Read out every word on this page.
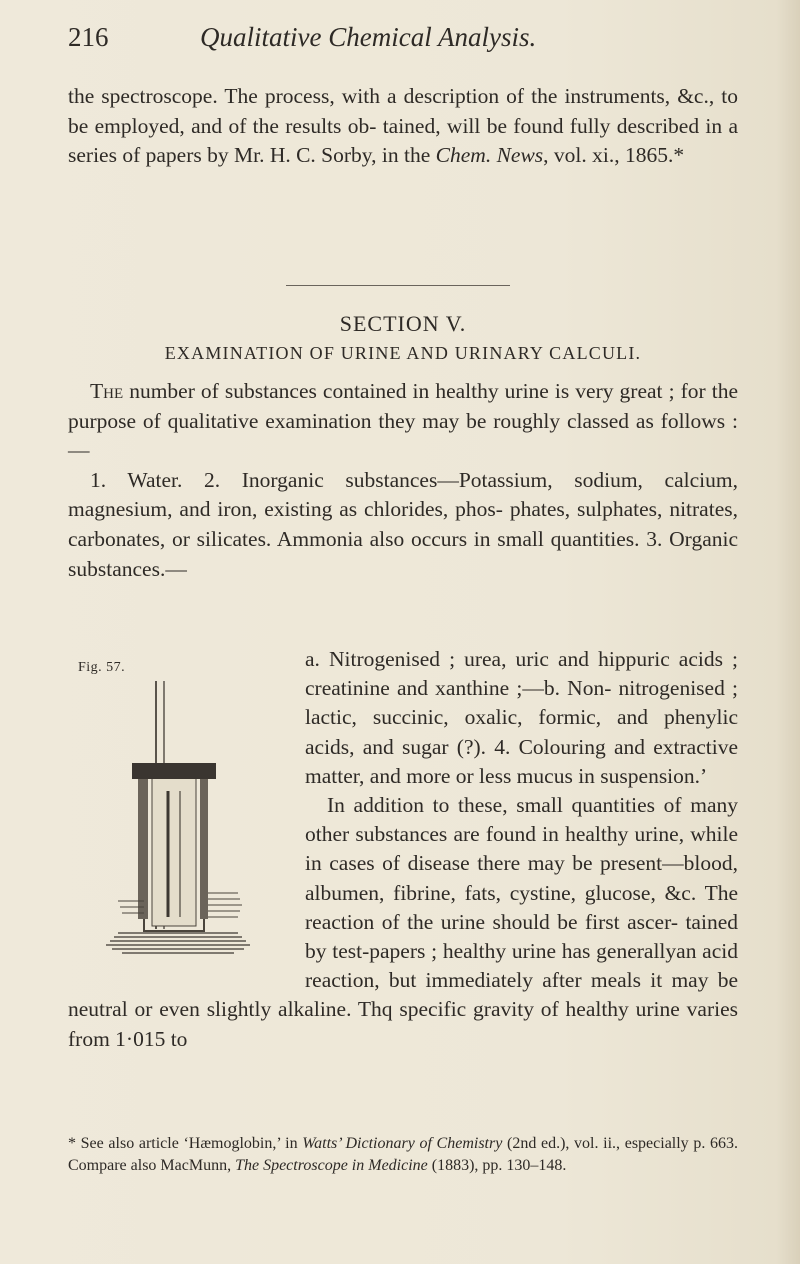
216	Qualitative Chemical Analysis.
the spectroscope. The process, with a description of the instruments, &c., to be employed, and of the results ob- tained, will be found fully described in a series of papers by Mr. H. C. Sorby, in the Chem. News, vol. xi., 1865.*
SECTION V.
EXAMINATION OF URINE AND URINARY CALCULI.
The number of substances contained in healthy urine is very great ; for the purpose of qualitative examination they may be roughly classed as follows : —
1. Water. 2. Inorganic substances—Potassium, sodium, calcium, magnesium, and iron, existing as chlorides, phos- phates, sulphates, nitrates, carbonates, or silicates. Ammonia also occurs in small quantities. 3. Organic substances.—
Fig. 57.	a. Nitrogenised ; urea, uric and hippuric acids ; creatinine and xanthine ;—b. Non- nitrogenised ; lactic, succinic, oxalic, formic, and phenylic acids, and sugar (?). 4. Colouring and extractive matter, and more or less mucus in suspension.’
In addition to these, small quantities of many other substances are found in healthy urine, while in cases of disease there may be present—blood, albumen, fibrine, fats, cystine, glucose, &c. The reaction of the urine should be first ascer- tained by test-papers ; healthy urine has generallyan acid reaction, but immediately after meals it may be neutral or even slightly alkaline. Thq specific gravity of healthy urine varies from 1·015 to
* See also article ‘Hæmoglobin,’ in Watts’ Dictionary of Chemistry (2nd ed.), vol. ii., especially p. 663. Compare also MacMunn, The Spectroscope in Medicine (1883), pp. 130–148.
